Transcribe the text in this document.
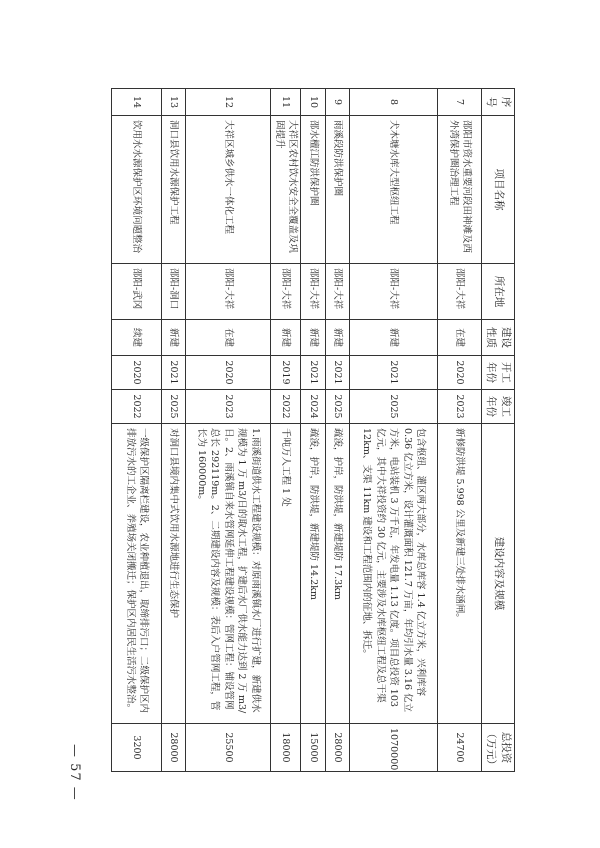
序号	项目名称	所在地	建设性质	开工年份	竣工年份	建设内容及规模	总投资（万元）
7	邵阳市资水重要河段田神滩及西外湾保护圈治理工程	邵阳-大祥	在建	2020	2023	新修防洪堤 5.998 公里及新建三处排水涵闸。	24700
8	犬木塘水库大型枢纽工程	邵阳-大祥	新建	2021	2025	包含枢纽、灌区两大部分，水库总库容 1.4 亿立方米，兴利库容 0.36 亿立方米，设计灌溉面积 121.7 万亩，年均引水量 3.16 亿立方米，电站装机 3 万千瓦，年发电量 1.13 亿度。项目总投资 103 亿元，其中大祥投资约 30 亿元，主要涉及水库枢纽工程及总干渠 12km、支渠 11km 建设和工程范围内的征地、拆迁。	1070000
9	雨溪段防洪保护圈	邵阳-大祥	新建	2021	2025	疏浚，护岸，防洪堤，新建堤防 17.3km	28000
10	邵水檀江防洪保护圈	邵阳-大祥	新建	2021	2024	疏浚，护岸，防洪堤，新建堤防 14.2km	15000
11	大祥区农村饮水安全全覆盖及巩固提升	邵阳-大祥	新建	2019	2022	千吨万人工程 1 处	18000
12	大祥区城乡供水一体化工程	邵阳-大祥	在建	2020	2023	1.雨溪街道供水工程建设规模：对原雨溪镇水厂进行扩建，新建供水规模为 1 万 m3/日的取水工程，扩建后水厂供水能力达到 2 万 m3/日。2、雨溪镇自来水管网延伸工程建设规模：管网工程：铺设管网总长 292119m。2、二期建设内容及规模：表后入户管网工程，管长为 160000m。	25500
13	洞口县饮用水源保护工程	邵阳-洞口	新建	2021	2025	对洞口县境内集中式饮用水源地进行生态保护	28000
14	饮用水水源保护区环境问题整治	邵阳-武冈	续建	2020	2022	一级保护区隔离栏建设，农业种植退出，取缔排污口；二级保护区内排放污水的工企业、养殖场关闭搬迁；保护区内居民生活污水整治。	3200
— 57 —
